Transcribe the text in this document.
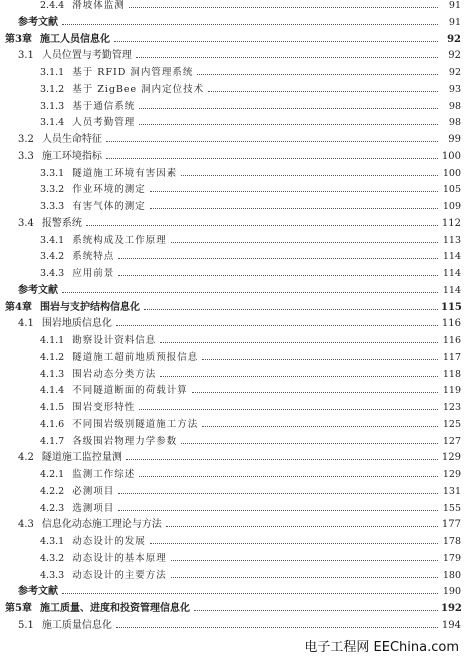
2.4.4 滑坡体监测	91
参考文献	91
第3章 施工人员信息化	92
3.1 人员位置与考勤管理	92
3.1.1 基于 RFID 洞内管理系统	92
3.1.2 基于 ZigBee 洞内定位技术	93
3.1.3 基于通信系统	98
3.1.4 人员考勤管理	98
3.2 人员生命特征	99
3.3 施工环境指标	100
3.3.1 隧道施工环境有害因素	100
3.3.2 作业环境的测定	105
3.3.3 有害气体的测定	109
3.4 报警系统	112
3.4.1 系统构成及工作原理	113
3.4.2 系统特点	114
3.4.3 应用前景	114
参考文献	114
第4章 围岩与支护结构信息化	115
4.1 围岩地质信息化	116
4.1.1 勘察设计资料信息	116
4.1.2 隧道施工超前地质预报信息	117
4.1.3 围岩动态分类方法	118
4.1.4 不同隧道断面的荷载计算	119
4.1.5 围岩变形特性	123
4.1.6 不同围岩级别隧道施工方法	125
4.1.7 各级围岩物理力学参数	127
4.2 隧道施工监控量测	129
4.2.1 监测工作综述	129
4.2.2 必测项目	131
4.2.3 选测项目	155
4.3 信息化动态施工理论与方法	177
4.3.1 动态设计的发展	178
4.3.2 动态设计的基本原理	179
4.3.3 动态设计的主要方法	180
参考文献	190
第5章 施工质量、进度和投资管理信息化	192
5.1 施工质量信息化	194
电子工程网 EEChina.com
